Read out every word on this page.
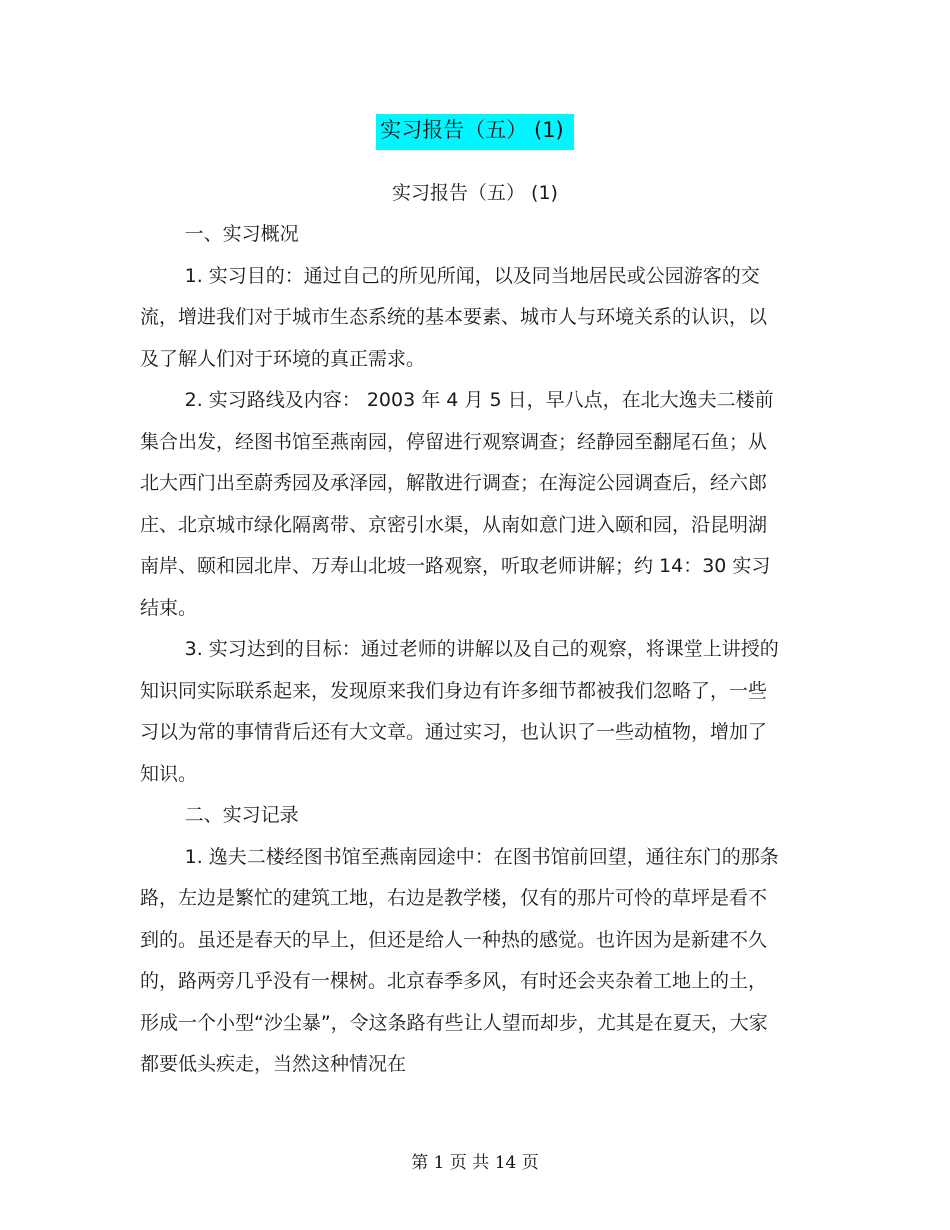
实习报告（五） (1)
实习报告（五） (1)

一、实习概况

1. 实习目的：通过自己的所见所闻，以及同当地居民或公园游客的交流，增进我们对于城市生态系统的基本要素、城市人与环境关系的认识，以及了解人们对于环境的真正需求。

2. 实习路线及内容： 2003 年 4 月 5 日，早八点，在北大逸夫二楼前集合出发，经图书馆至燕南园，停留进行观察调查；经静园至翻尾石鱼；从北大西门出至蔚秀园及承泽园，解散进行调查；在海淀公园调查后，经六郎庄、北京城市绿化隔离带、京密引水渠，从南如意门进入颐和园，沿昆明湖南岸、颐和园北岸、万寿山北坡一路观察，听取老师讲解；约 14：30 实习结束。

3. 实习达到的目标：通过老师的讲解以及自己的观察，将课堂上讲授的知识同实际联系起来，发现原来我们身边有许多细节都被我们忽略了，一些习以为常的事情背后还有大文章。通过实习，也认识了一些动植物，增加了知识。

二、实习记录

1. 逸夫二楼经图书馆至燕南园途中：在图书馆前回望，通往东门的那条路，左边是繁忙的建筑工地，右边是教学楼，仅有的那片可怜的草坪是看不到的。虽还是春天的早上，但还是给人一种热的感觉。也许因为是新建不久的，路两旁几乎没有一棵树。北京春季多风，有时还会夹杂着工地上的土，形成一个小型“沙尘暴”，令这条路有些让人望而却步，尤其是在夏天，大家都要低头疾走，当然这种情况在

第 1 页 共 14 页
